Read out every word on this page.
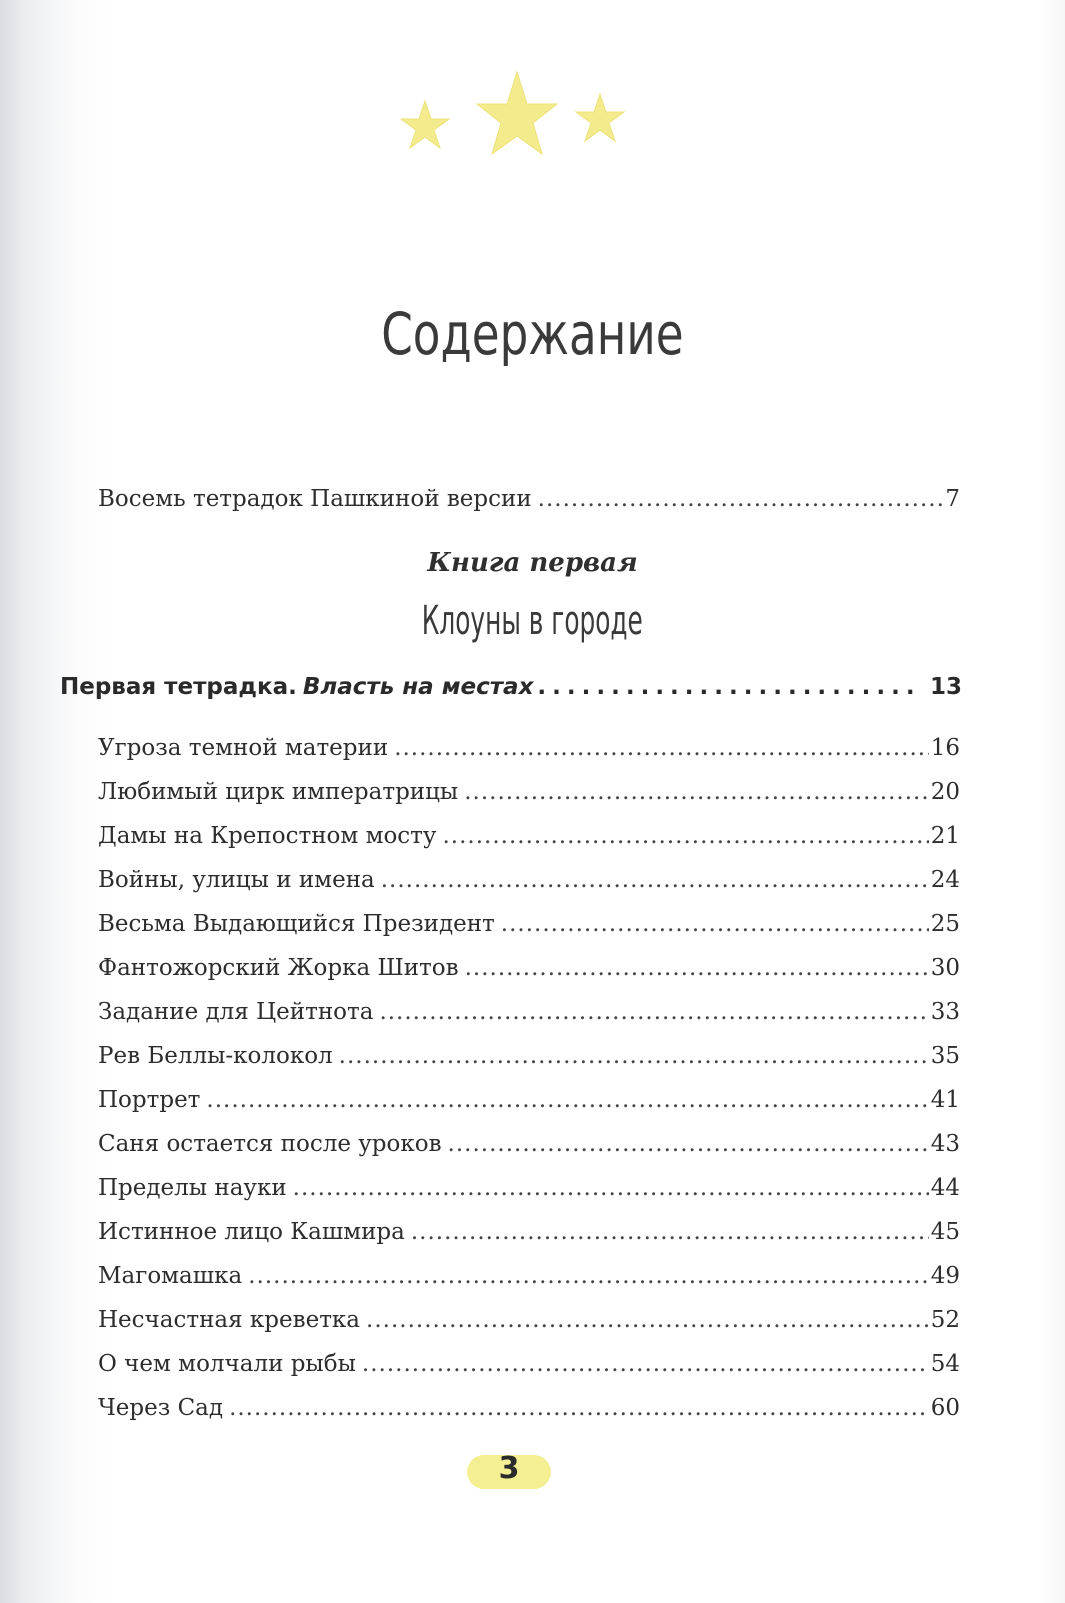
Содержание
Восемь тетрадок Пашкиной версии .....	7
Книга первая
Клоуны в городе
Первая тетрадка. Власть на местах .....	13
Угроза темной материи .....	16
Любимый цирк императрицы .....	20
Дамы на Крепостном мосту .....	21
Войны, улицы и имена .....	24
Весьма Выдающийся Президент .....	25
Фантожорский Жорка Шитов .....	30
Задание для Цейтнота .....	33
Рев Беллы-колокол .....	35
Портрет .....	41
Саня остается после уроков .....	43
Пределы науки .....	44
Истинное лицо Кашмира .....	45
Магомашка .....	49
Несчастная креветка .....	52
О чем молчали рыбы .....	54
Через Сад .....	60
3
